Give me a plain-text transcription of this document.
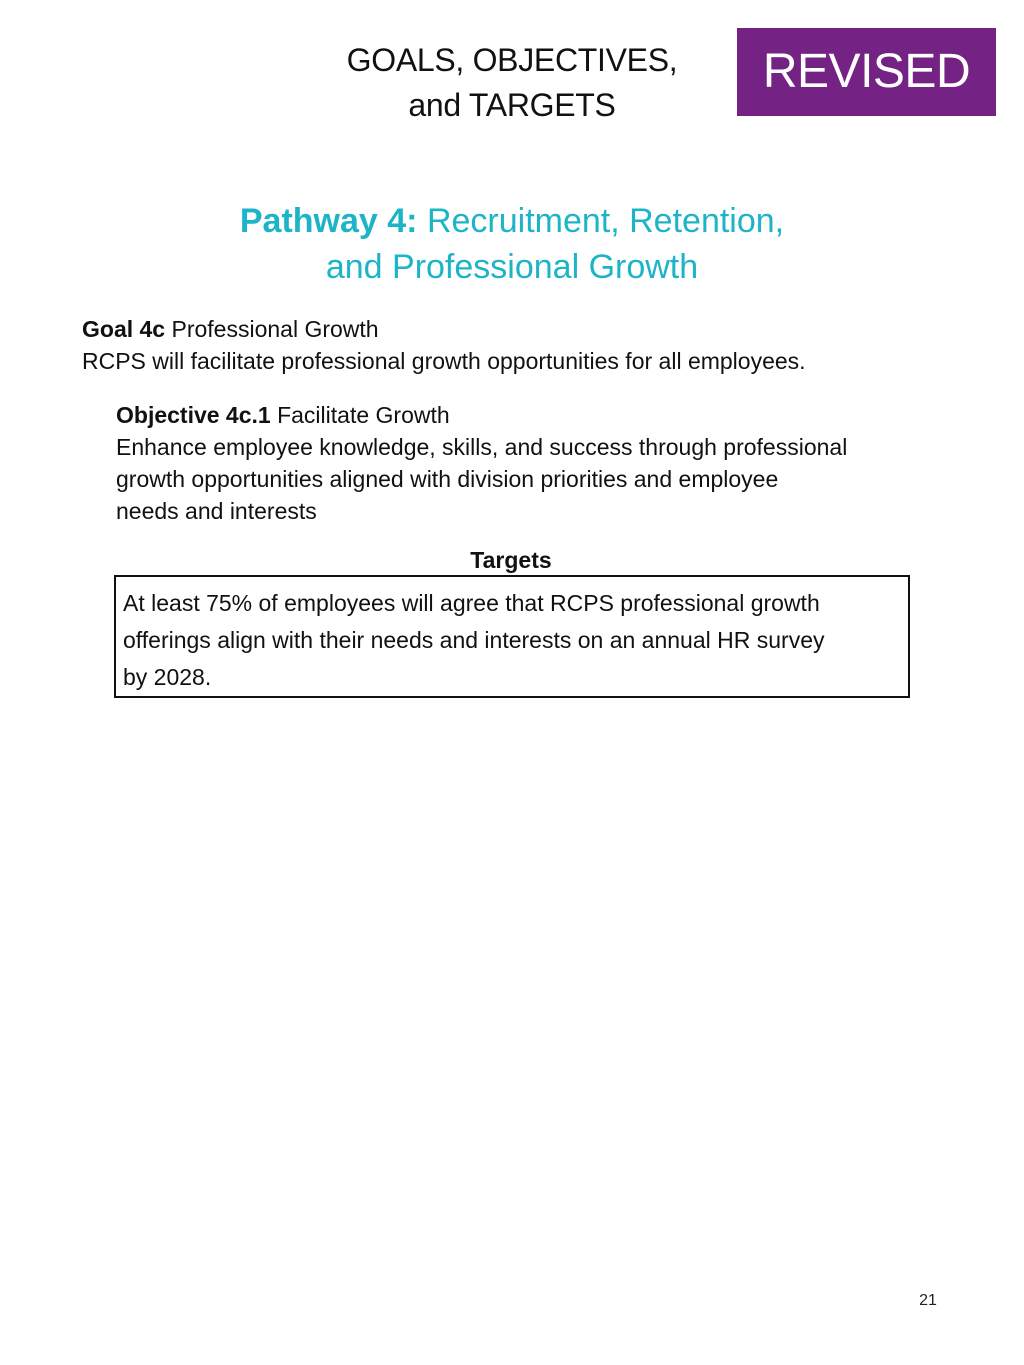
GOALS, OBJECTIVES,
and TARGETS
REVISED
Pathway 4: Recruitment, Retention,
and Professional Growth
Goal 4c Professional Growth
RCPS will facilitate professional growth opportunities for all employees.
Objective 4c.1 Facilitate Growth
Enhance employee knowledge, skills, and success through professional
growth opportunities aligned with division priorities and employee
needs and interests
Targets
At least 75% of employees will agree that RCPS professional growth
offerings align with their needs and interests on an annual HR survey
by 2028.
21
